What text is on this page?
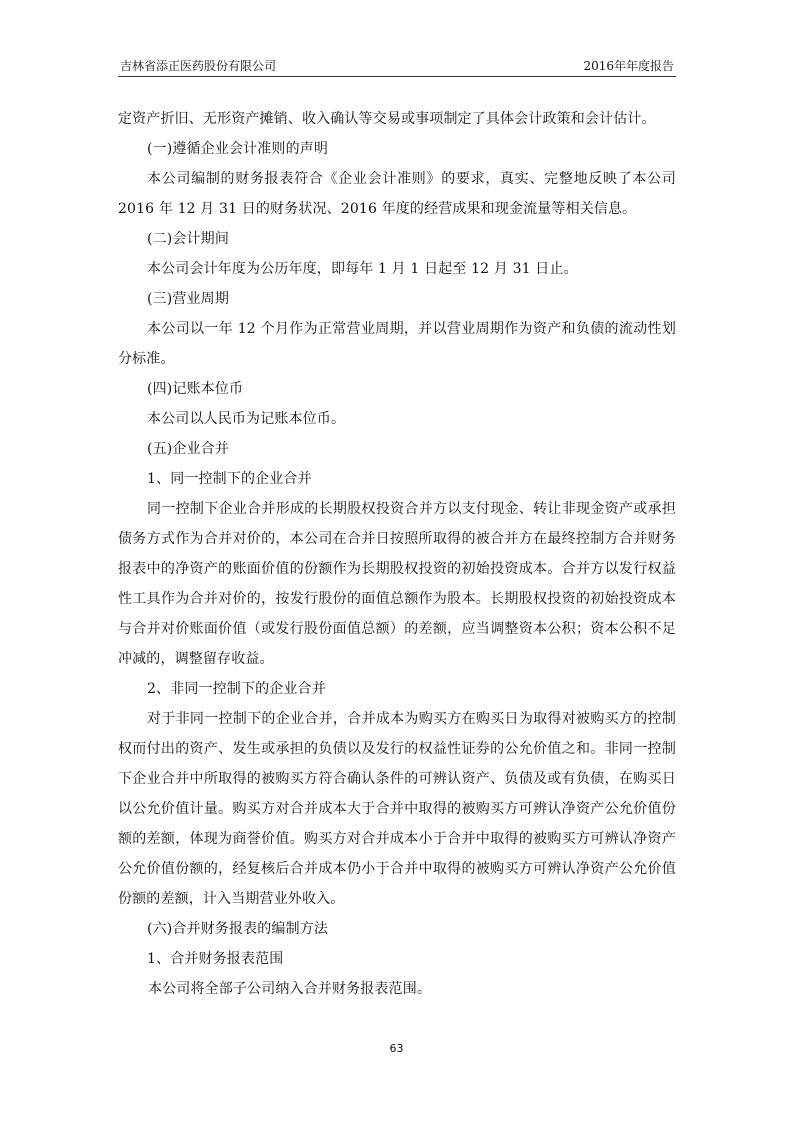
吉林省添正医药股份有限公司	2016年年度报告

定资产折旧、无形资产摊销、收入确认等交易或事项制定了具体会计政策和会计估计。

(一)遵循企业会计准则的声明

本公司编制的财务报表符合《企业会计准则》的要求，真实、完整地反映了本公司 2016 年 12 月 31 日的财务状况、2016 年度的经营成果和现金流量等相关信息。

(二)会计期间

本公司会计年度为公历年度，即每年 1 月 1 日起至 12 月 31 日止。

(三)营业周期

本公司以一年 12 个月作为正常营业周期，并以营业周期作为资产和负债的流动性划分标准。

(四)记账本位币

本公司以人民币为记账本位币。

(五)企业合并

1、同一控制下的企业合并

同一控制下企业合并形成的长期股权投资合并方以支付现金、转让非现金资产或承担债务方式作为合并对价的，本公司在合并日按照所取得的被合并方在最终控制方合并财务报表中的净资产的账面价值的份额作为长期股权投资的初始投资成本。合并方以发行权益性工具作为合并对价的，按发行股份的面值总额作为股本。长期股权投资的初始投资成本与合并对价账面价值（或发行股份面值总额）的差额，应当调整资本公积；资本公积不足冲减的，调整留存收益。

2、非同一控制下的企业合并

对于非同一控制下的企业合并，合并成本为购买方在购买日为取得对被购买方的控制权而付出的资产、发生或承担的负债以及发行的权益性证券的公允价值之和。非同一控制下企业合并中所取得的被购买方符合确认条件的可辨认资产、负债及或有负债，在购买日以公允价值计量。购买方对合并成本大于合并中取得的被购买方可辨认净资产公允价值份额的差额，体现为商誉价值。购买方对合并成本小于合并中取得的被购买方可辨认净资产公允价值份额的，经复核后合并成本仍小于合并中取得的被购买方可辨认净资产公允价值份额的差额，计入当期营业外收入。

(六)合并财务报表的编制方法

1、合并财务报表范围

本公司将全部子公司纳入合并财务报表范围。

63
